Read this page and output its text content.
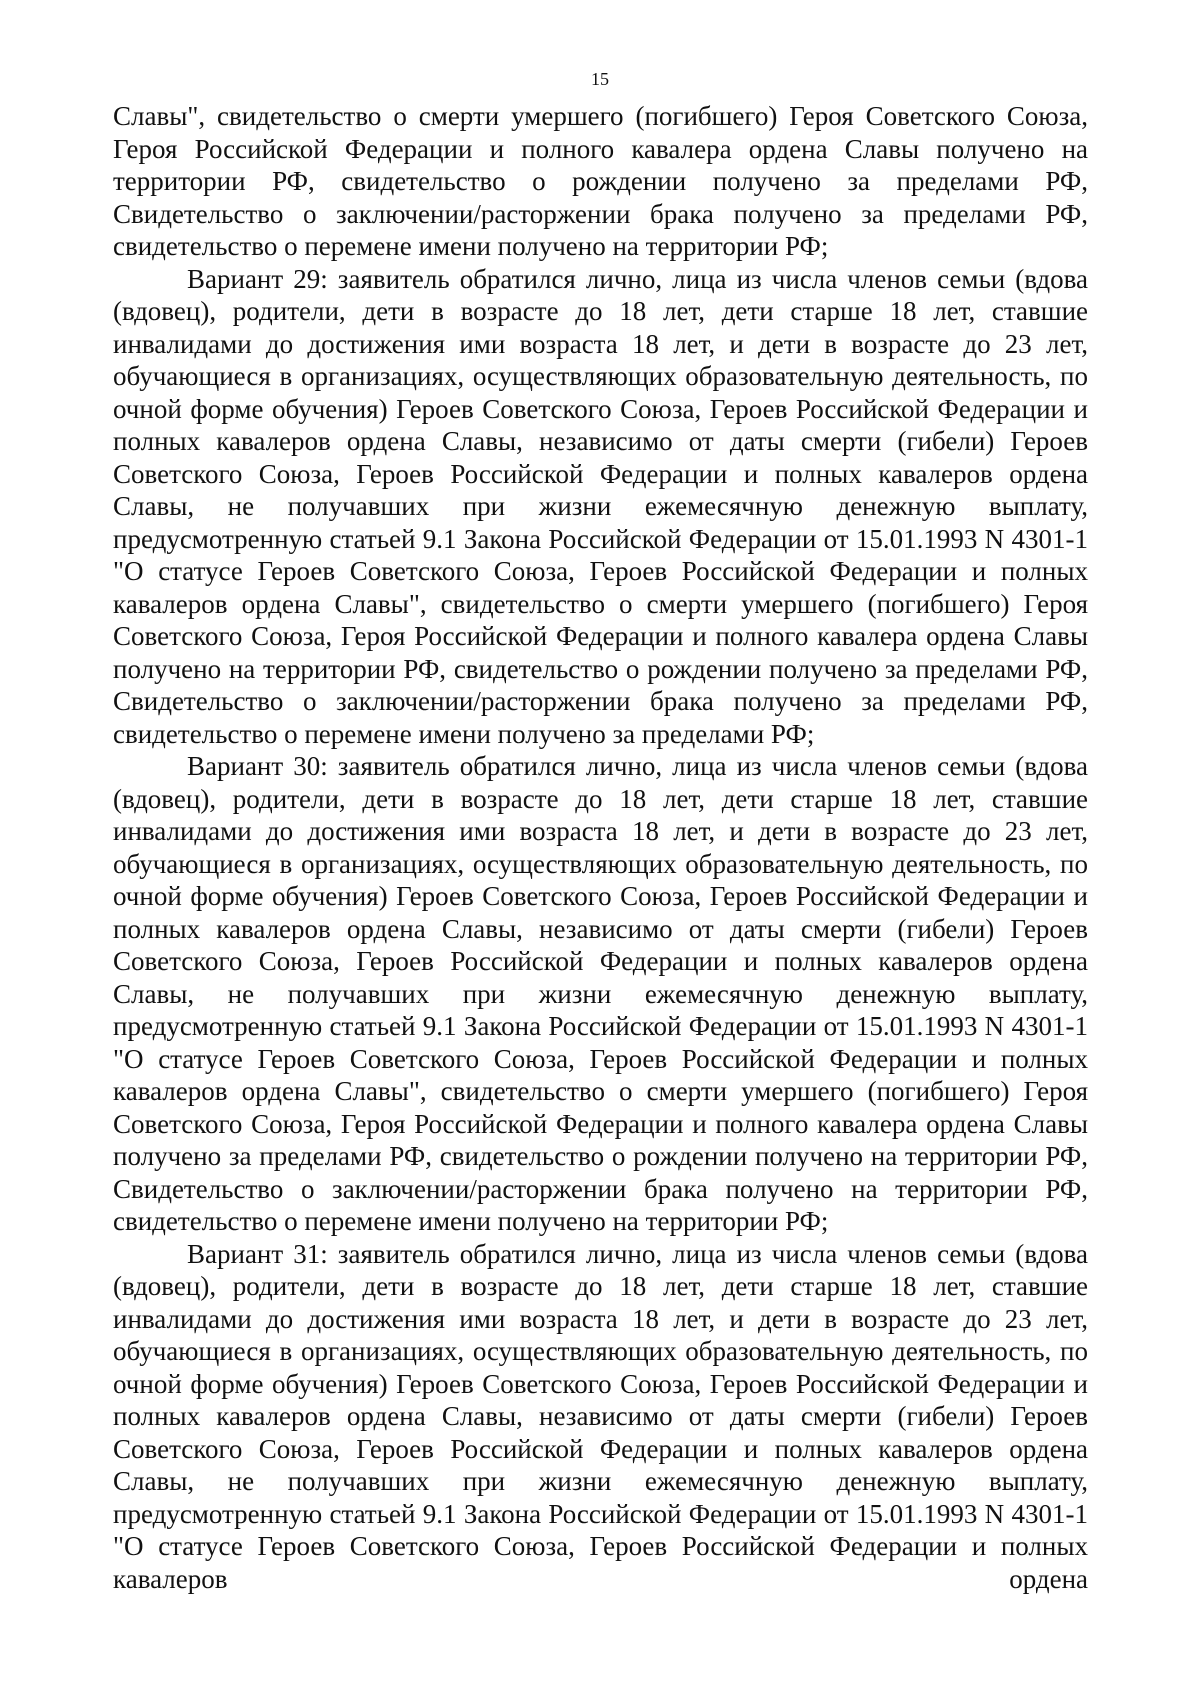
15

Славы", свидетельство о смерти умершего (погибшего) Героя Советского Союза, Героя Российской Федерации и полного кавалера ордена Славы получено на территории РФ, свидетельство о рождении получено за пределами РФ, Свидетельство о заключении/расторжении брака получено за пределами РФ, свидетельство о перемене имени получено на территории РФ;

Вариант 29: заявитель обратился лично, лица из числа членов семьи (вдова (вдовец), родители, дети в возрасте до 18 лет, дети старше 18 лет, ставшие инвалидами до достижения ими возраста 18 лет, и дети в возрасте до 23 лет, обучающиеся в организациях, осуществляющих образовательную деятельность, по очной форме обучения) Героев Советского Союза, Героев Российской Федерации и полных кавалеров ордена Славы, независимо от даты смерти (гибели) Героев Советского Союза, Героев Российской Федерации и полных кавалеров ордена Славы, не получавших при жизни ежемесячную денежную выплату, предусмотренную статьей 9.1 Закона Российской Федерации от 15.01.1993 N 4301-1 "О статусе Героев Советского Союза, Героев Российской Федерации и полных кавалеров ордена Славы", свидетельство о смерти умершего (погибшего) Героя Советского Союза, Героя Российской Федерации и полного кавалера ордена Славы получено на территории РФ, свидетельство о рождении получено за пределами РФ, Свидетельство о заключении/расторжении брака получено за пределами РФ, свидетельство о перемене имени получено за пределами РФ;

Вариант 30: заявитель обратился лично, лица из числа членов семьи (вдова (вдовец), родители, дети в возрасте до 18 лет, дети старше 18 лет, ставшие инвалидами до достижения ими возраста 18 лет, и дети в возрасте до 23 лет, обучающиеся в организациях, осуществляющих образовательную деятельность, по очной форме обучения) Героев Советского Союза, Героев Российской Федерации и полных кавалеров ордена Славы, независимо от даты смерти (гибели) Героев Советского Союза, Героев Российской Федерации и полных кавалеров ордена Славы, не получавших при жизни ежемесячную денежную выплату, предусмотренную статьей 9.1 Закона Российской Федерации от 15.01.1993 N 4301-1 "О статусе Героев Советского Союза, Героев Российской Федерации и полных кавалеров ордена Славы", свидетельство о смерти умершего (погибшего) Героя Советского Союза, Героя Российской Федерации и полного кавалера ордена Славы получено за пределами РФ, свидетельство о рождении получено на территории РФ, Свидетельство о заключении/расторжении брака получено на территории РФ, свидетельство о перемене имени получено на территории РФ;

Вариант 31: заявитель обратился лично, лица из числа членов семьи (вдова (вдовец), родители, дети в возрасте до 18 лет, дети старше 18 лет, ставшие инвалидами до достижения ими возраста 18 лет, и дети в возрасте до 23 лет, обучающиеся в организациях, осуществляющих образовательную деятельность, по очной форме обучения) Героев Советского Союза, Героев Российской Федерации и полных кавалеров ордена Славы, независимо от даты смерти (гибели) Героев Советского Союза, Героев Российской Федерации и полных кавалеров ордена Славы, не получавших при жизни ежемесячную денежную выплату, предусмотренную статьей 9.1 Закона Российской Федерации от 15.01.1993 N 4301-1 "О статусе Героев Советского Союза, Героев Российской Федерации и полных кавалеров ордена
